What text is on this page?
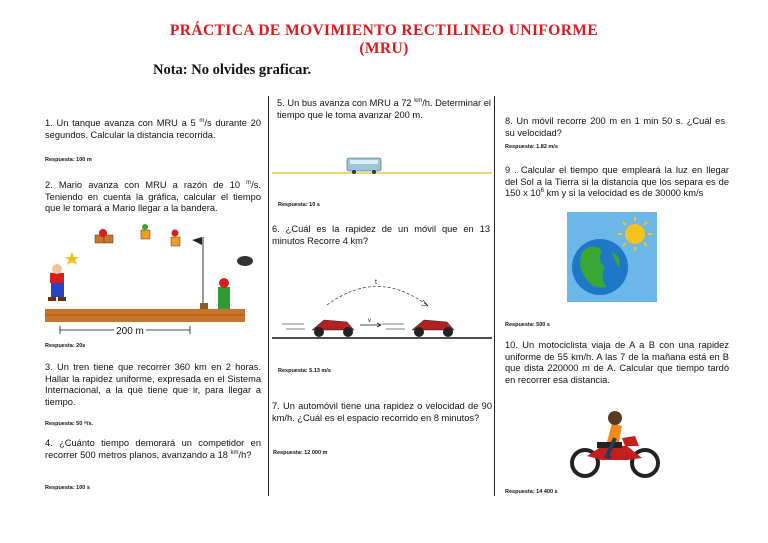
PRÁCTICA DE MOVIMIENTO RECTILINEO UNIFORME
(MRU)
Nota: No olvides graficar.
1. Un tanque avanza con MRU a 5 $^m$/s durante 20 segundos. Calcular la distancia recorrida.
Respuesta: 100 m
2. Mario avanza con MRU a razón de 10 $^m$/s. Teniendo en cuenta la gráfica, calcular el tiempo que le tomará a Mario llegar a la bandera.
200 m
Respuesta: 20s
3. Un tren tiene que recorrer 360 km en 2 horas. Hallar la rapidez uniforme, expresada en el Sistema Internacional, a la que tiene que ir, para llegar a tiempo.
Respuesta: 50 ᵐ/s.
4. ¿Cuánto tiempo demorará un competidor en recorrer 500 metros planos, avanzando a 18 $^{km}$/h?
Respuesta: 100 s
5. Un bus avanza con MRU a 72 $^{km}$/h. Determinar el tiempo que le toma avanzar 200 m.
Respuesta: 10 s
6. ¿Cuál es la rapidez de un móvil que en 13 minutos Recorre 4 km?
t
v
Respuesta: 5.13 m/s
7. Un automóvil tiene una rapidez o velocidad de 90 km/h. ¿Cuál es el espacio recorrido en 8 minutos?
Respuesta: 12 000 m
8. Un móvil recorre 200 m en 1 min 50 s. ¿Cuál es su velocidad?
Respuesta: 1.82 m/s
9 . Calcular el tiempo que empleará la luz en llegar del Sol a la Tierra si la distancia que los separa es de 150 x $10^6$ km y si la velocidad es de 30000 km/s
Respuesta: 500 s
10. Un motociclista viaja de A a B con una rapidez uniforme de 55 km/h. A las 7 de la mañana está en B que dista 220000 m de A. Calcular que tiempo tardó en recorrer esa distancia.
Respuesta: 14 400 s
